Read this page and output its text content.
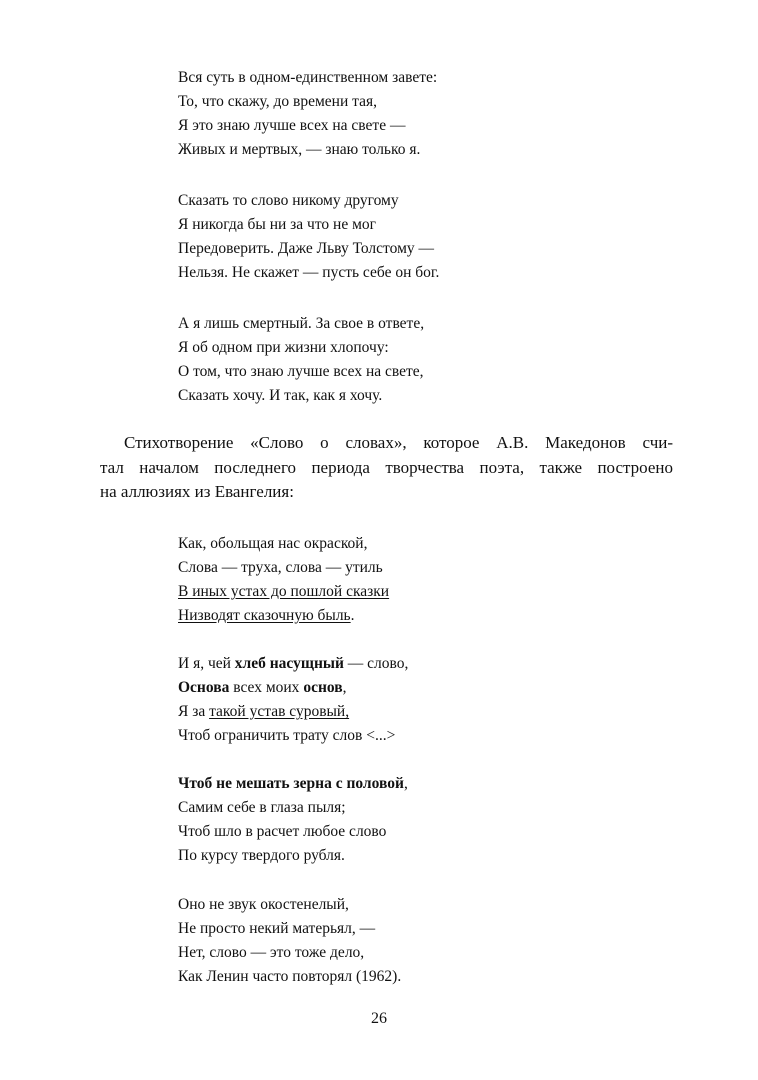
Вся суть в одном-единственном завете:
То, что скажу, до времени тая,
Я это знаю лучше всех на свете —
Живых и мертвых, — знаю только я.
Сказать то слово никому другому
Я никогда бы ни за что не мог
Передоверить. Даже Льву Толстому —
Нельзя. Не скажет — пусть себе он бог.
А я лишь смертный. За свое в ответе,
Я об одном при жизни хлопочу:
О том, что знаю лучше всех на свете,
Сказать хочу. И так, как я хочу.
Стихотворение «Слово о словах», которое А.В. Македонов счи-
тал началом последнего периода творчества поэта, также построено
на аллюзиях из Евангелия:
Как, обольщая нас окраской,
Слова — труха, слова — утиль
В иных устах до пошлой сказки
Низводят сказочную быль.
И я, чей хлеб насущный — слово,
Основа всех моих основ,
Я за такой устав суровый,
Чтоб ограничить трату слов <...>
Чтоб не мешать зерна с половой,
Самим себе в глаза пыля;
Чтоб шло в расчет любое слово
По курсу твердого рубля.
Оно не звук окостенелый,
Не просто некий матерьял, —
Нет, слово — это тоже дело,
Как Ленин часто повторял (1962).
26
